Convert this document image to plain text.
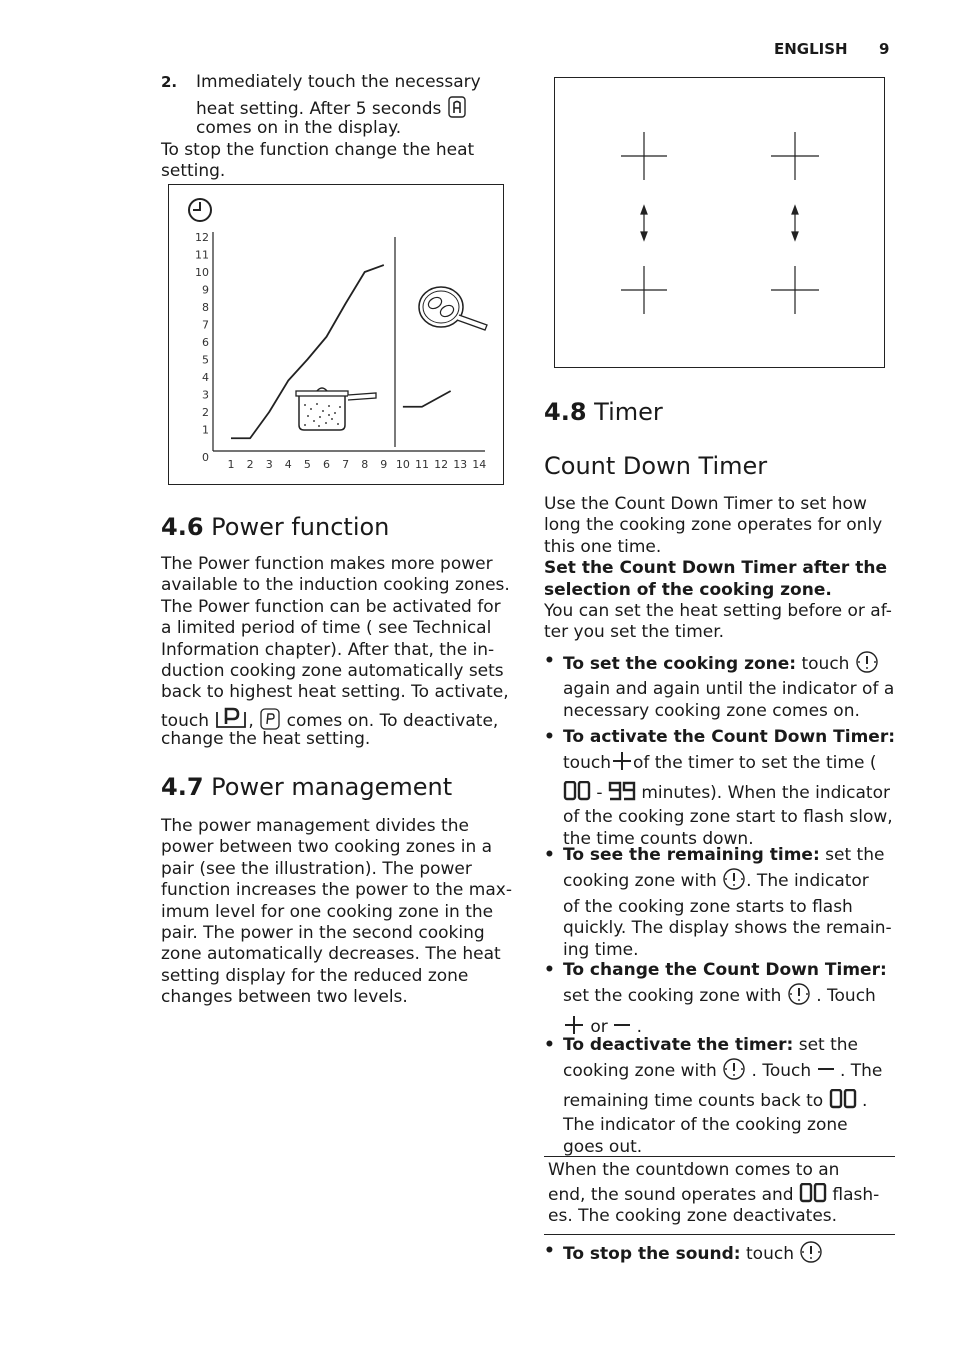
ENGLISH 9
2. Immediately touch the necessary
heat setting. After 5 seconds
comes on in the display.
To stop the function change the heat
setting.
12
11
10
9
8
7
6
5
4
3
2
1
0
1 2 3 4 5 6 7 8 9 10 11 12 13 14
4.6 Power function
The Power function makes more power
available to the induction cooking zones.
The Power function can be activated for
a limited period of time ( see Technical
Information chapter). After that, the in-
duction cooking zone automatically sets
back to highest heat setting. To activate,
touch , comes on. To deactivate,
change the heat setting.
4.7 Power management
The power management divides the
power between two cooking zones in a
pair (see the illustration). The power
function increases the power to the max-
imum level for one cooking zone in the
pair. The power in the second cooking
zone automatically decreases. The heat
setting display for the reduced zone
changes between two levels.
4.8 Timer
Count Down Timer
Use the Count Down Timer to set how
long the cooking zone operates for only
this one time.
Set the Count Down Timer after the
selection of the cooking zone.
You can set the heat setting before or af-
ter you set the timer.
• To set the cooking zone: touch
again and again until the indicator of a
necessary cooking zone comes on.
• To activate the Count Down Timer:
touch of the timer to set the time (
- minutes). When the indicator
of the cooking zone start to flash slow,
the time counts down.
• To see the remaining time: set the
cooking zone with . The indicator
of the cooking zone starts to flash
quickly. The display shows the remain-
ing time.
• To change the Count Down Timer:
set the cooking zone with . Touch
or .
• To deactivate the timer: set the
cooking zone with . Touch . The
remaining time counts back to .
The indicator of the cooking zone
goes out.
When the countdown comes to an
end, the sound operates and flash-
es. The cooking zone deactivates.
• To stop the sound: touch
